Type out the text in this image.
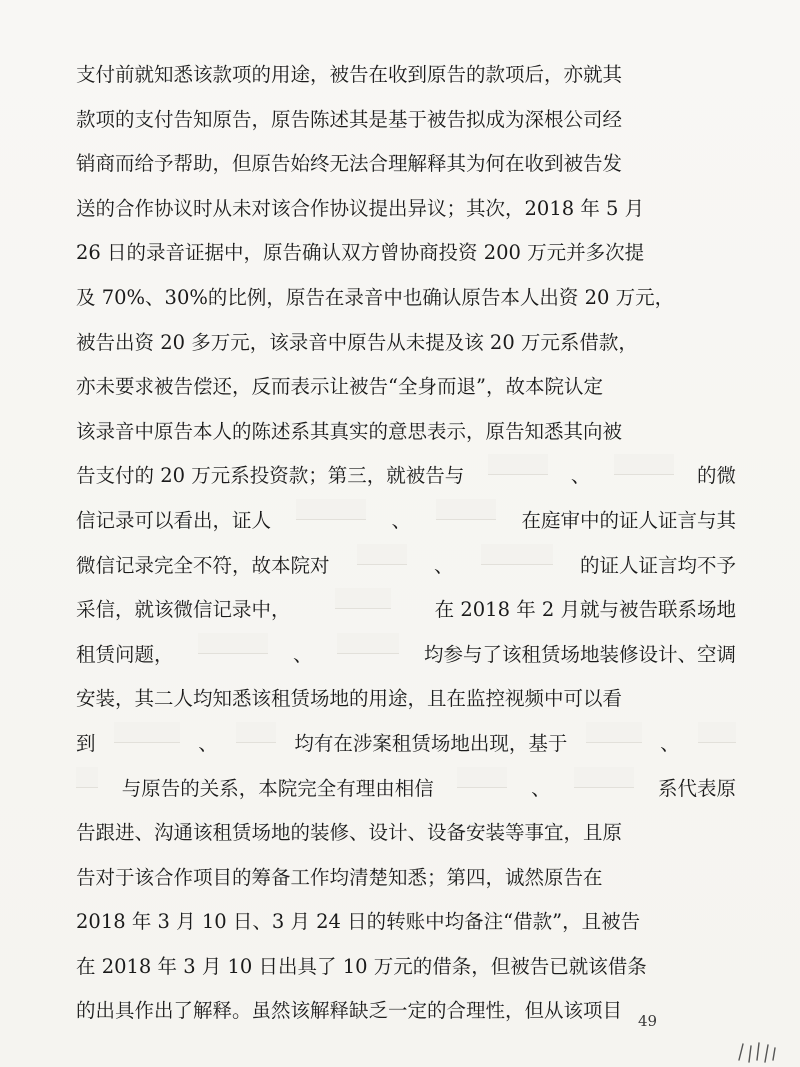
支付前就知悉该款项的用途，被告在收到原告的款项后，亦就其
款项的支付告知原告，原告陈述其是基于被告拟成为深根公司经
销商而给予帮助，但原告始终无法合理解释其为何在收到被告发
送的合作协议时从未对该合作协议提出异议；其次，2018 年 5 月
26 日的录音证据中，原告确认双方曾协商投资 200 万元并多次提
及 70%、30%的比例，原告在录音中也确认原告本人出资 20 万元，
被告出资 20 多万元，该录音中原告从未提及该 20 万元系借款，
亦未要求被告偿还，反而表示让被告“全身而退”，故本院认定
该录音中原告本人的陈述系其真实的意思表示，原告知悉其向被
告支付的 20 万元系投资款；第三，就被告与	、	的微
信记录可以看出，证人	、	在庭审中的证人证言与其
微信记录完全不符，故本院对	、	的证人证言均不予
采信，就该微信记录中，	在 2018 年 2 月就与被告联系场地
租赁问题，	、	均参与了该租赁场地装修设计、空调
安装，其二人均知悉该租赁场地的用途，且在监控视频中可以看
到	、	均有在涉案租赁场地出现，基于	、
与原告的关系，本院完全有理由相信	、	系代表原
告跟进、沟通该租赁场地的装修、设计、设备安装等事宜，且原
告对于该合作项目的筹备工作均清楚知悉；第四，诚然原告在
2018 年 3 月 10 日、3 月 24 日的转账中均备注“借款”，且被告
在 2018 年 3 月 10 日出具了 10 万元的借条，但被告已就该借条
的出具作出了解释。虽然该解释缺乏一定的合理性，但从该项目 49
